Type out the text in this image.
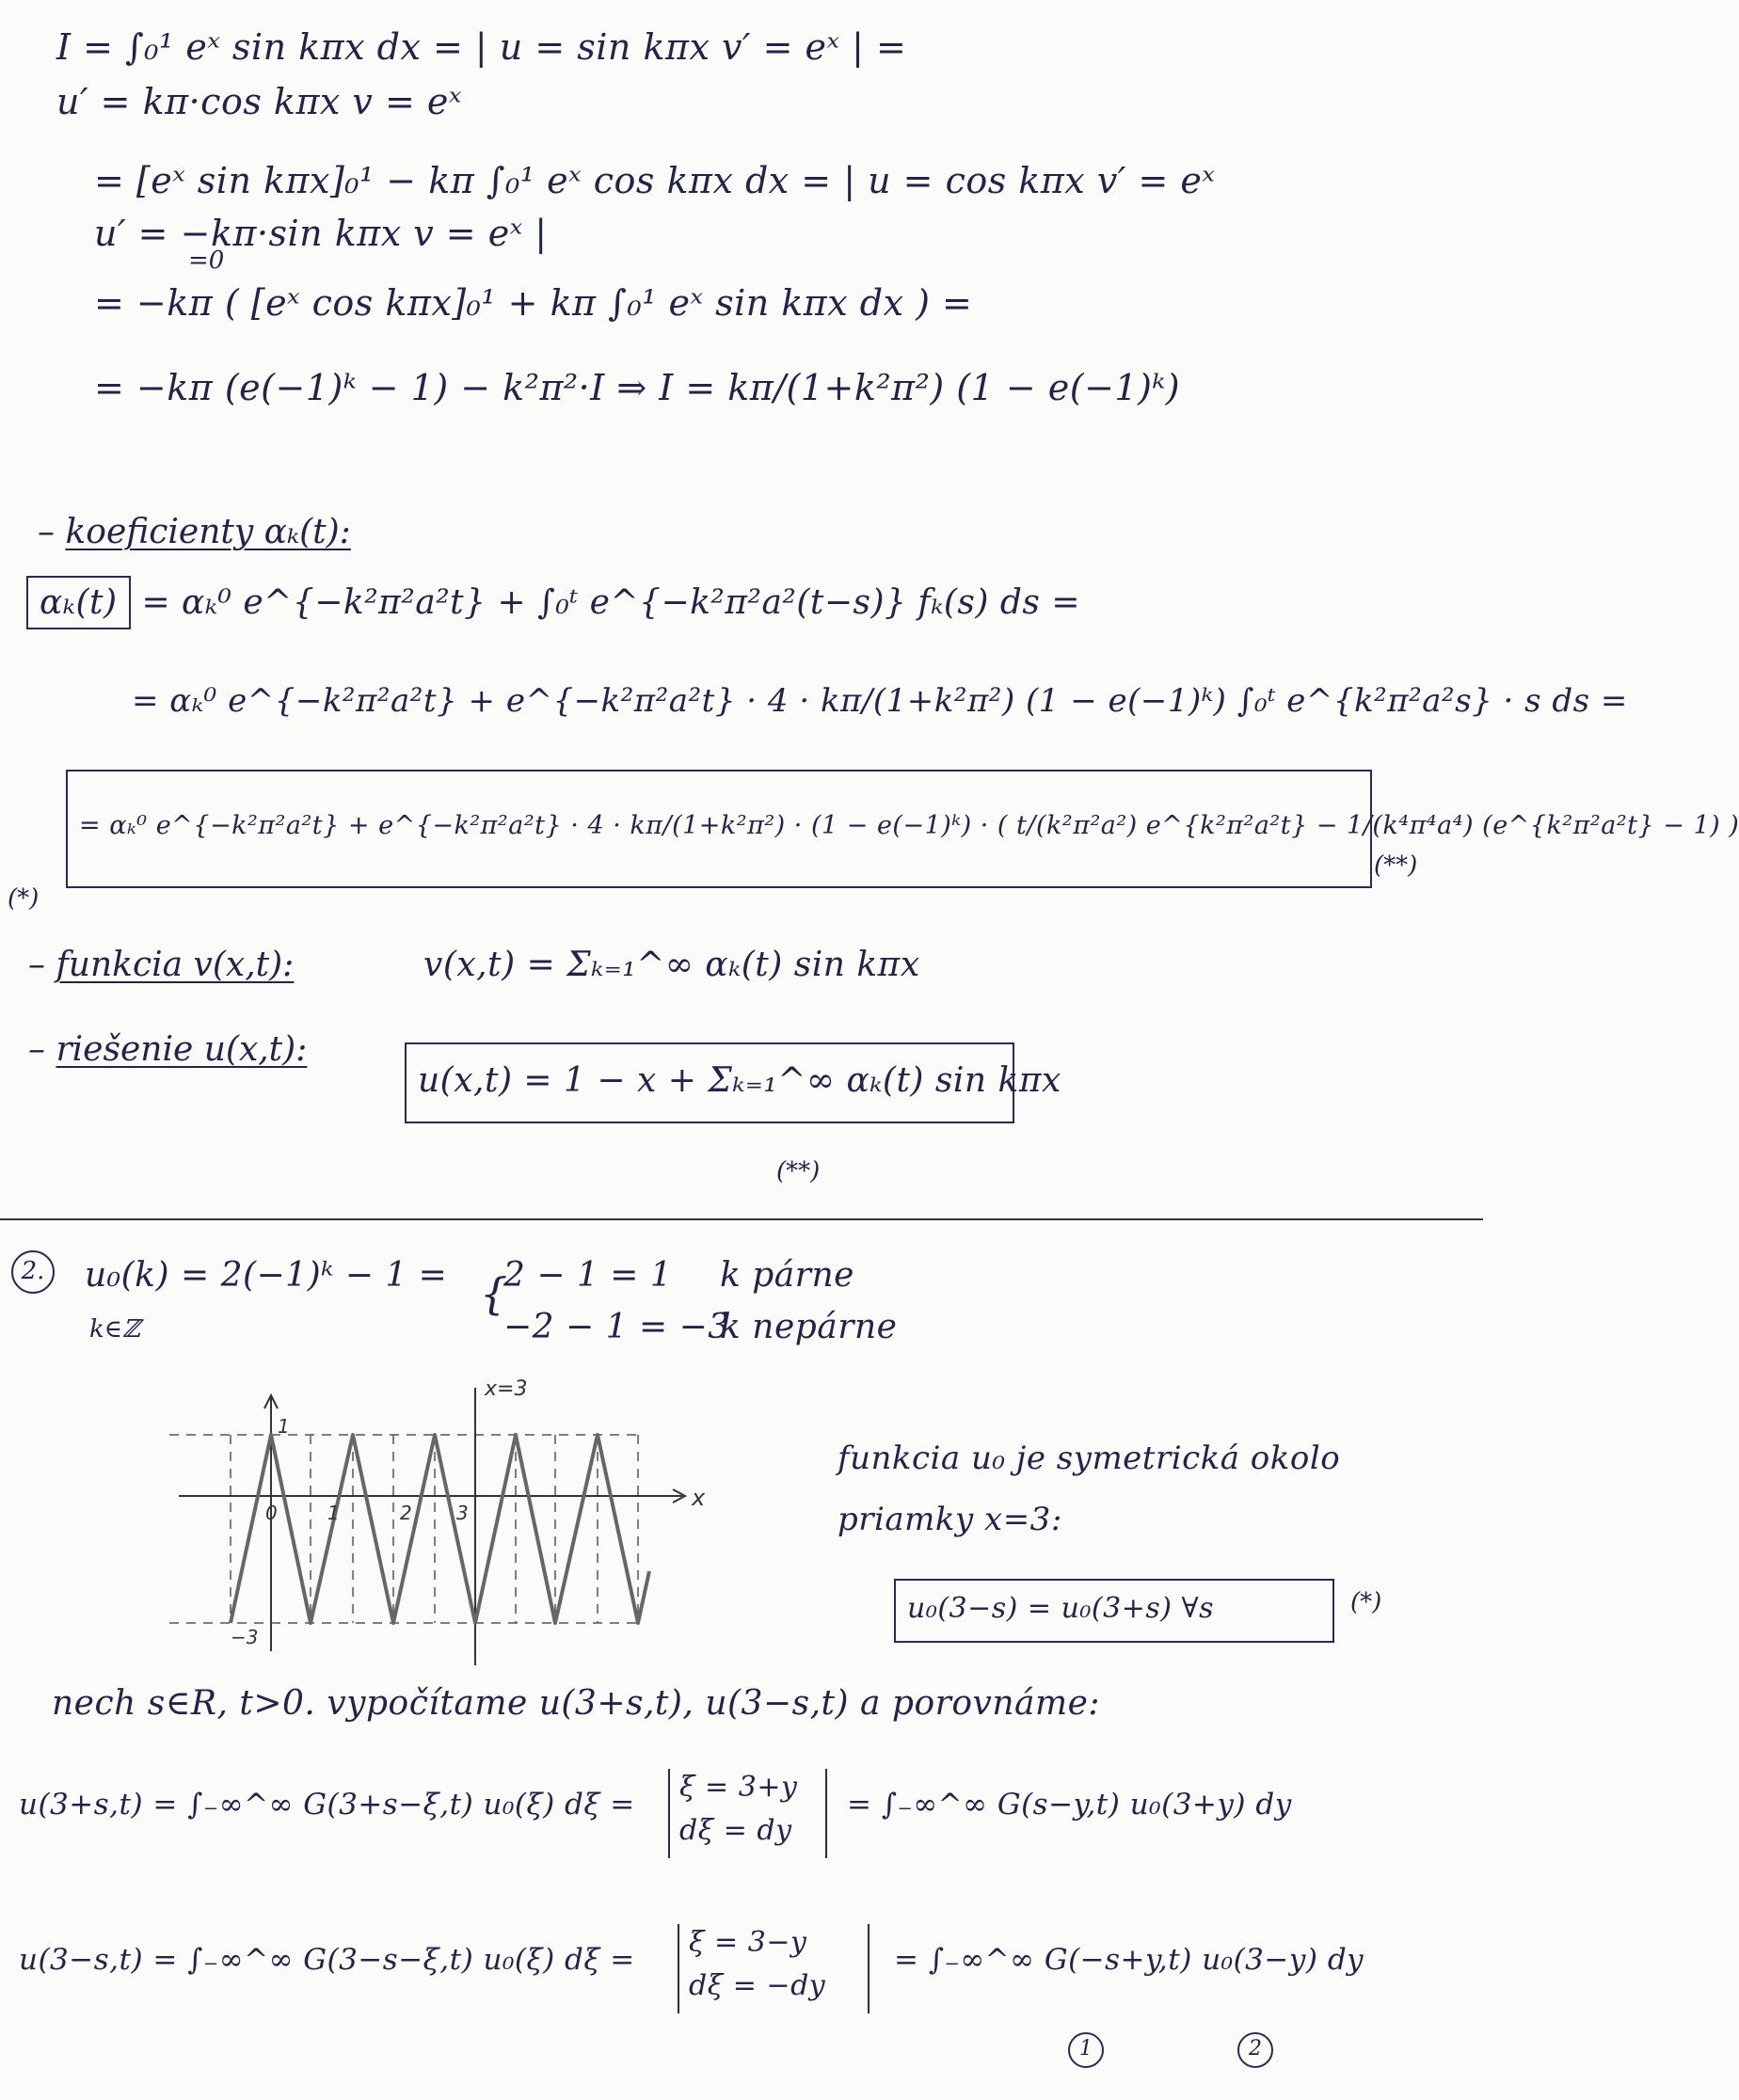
I = ∫₀¹ eˣ sin kπx dx = | u = sin kπx v′ = eˣ | =
u′ = kπ·cos kπx v = eˣ
= [eˣ sin kπx]₀¹ − kπ ∫₀¹ eˣ cos kπx dx = | u = cos kπx v′ = eˣ
u′ = −kπ·sin kπx v = eˣ |
=0
= −kπ ( [eˣ cos kπx]₀¹ + kπ ∫₀¹ eˣ sin kπx dx ) =
= −kπ (e(−1)ᵏ − 1) − k²π²·I ⇒ I = kπ/(1+k²π²) (1 − e(−1)ᵏ)
– koeficienty αₖ(t):
αₖ(t) = αₖ⁰ e^{−k²π²a²t} + ∫₀ᵗ e^{−k²π²a²(t−s)} fₖ(s) ds =
= αₖ⁰ e^{−k²π²a²t} + e^{−k²π²a²t} · 4 · kπ/(1+k²π²) (1 − e(−1)ᵏ) ∫₀ᵗ e^{k²π²a²s} · s ds =
= αₖ⁰ e^{−k²π²a²t} + e^{−k²π²a²t} · 4 · kπ/(1+k²π²) · (1 − e(−1)ᵏ) · ( t/(k²π²a²) e^{k²π²a²t} − 1/(k⁴π⁴a⁴) (e^{k²π²a²t} − 1) )
(*)
(**)
– funkcia v(x,t):	v(x,t) = Σₖ₌₁^∞ αₖ(t) sin kπx
– riešenie u(x,t):
u(x,t) = 1 − x + Σₖ₌₁^∞ αₖ(t) sin kπx
(**)
2. u₀(k) = 2(−1)ᵏ − 1 =
k∈ℤ
{
2 − 1 = 1 k párne
−2 − 1 = −3
k nepárne
x=3
x
1
0	1	2 3
−3
funkcia u₀ je symetrická okolo
priamky x=3:
u₀(3−s) = u₀(3+s) ∀s	(*)
nech s∈R, t>0. vypočítame u(3+s,t), u(3−s,t) a porovnáme:
u(3+s,t) = ∫₋∞^∞ G(3+s−ξ,t) u₀(ξ) dξ =
ξ = 3+y
dξ = dy
= ∫₋∞^∞ G(s−y,t) u₀(3+y) dy
u(3−s,t) = ∫₋∞^∞ G(3−s−ξ,t) u₀(ξ) dξ =
ξ = 3−y
dξ = −dy
= ∫₋∞^∞ G(−s+y,t) u₀(3−y) dy
1	2
